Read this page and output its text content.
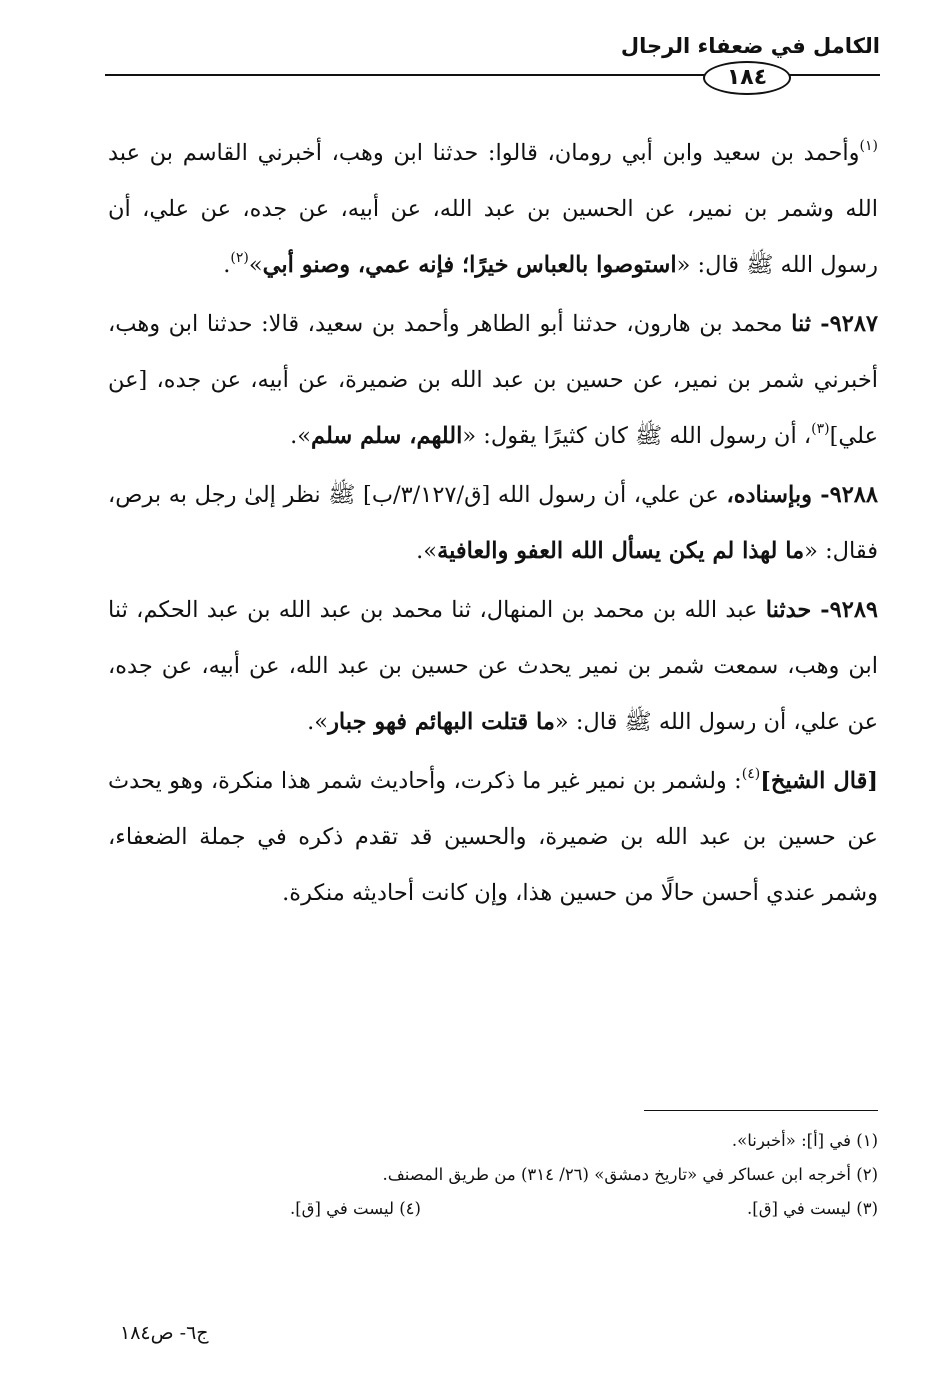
الكامل في ضعفاء الرجال
١٨٤

$^{(١)}$وأحمد بن سعيد وابن أبي رومان، قالوا: حدثنا ابن وهب، أخبرني القاسم بن عبد الله وشمر بن نمير، عن الحسين بن عبد الله، عن أبيه، عن جده، عن علي، أن رسول الله ﷺ قال: «استوصوا بالعباس خيرًا؛ فإنه عمي، وصنو أبي»$^{(٢)}$.

٩٢٨٧- ثنا محمد بن هارون، حدثنا أبو الطاهر وأحمد بن سعيد، قالا: حدثنا ابن وهب، أخبرني شمر بن نمير، عن حسين بن عبد الله بن ضميرة، عن أبيه، عن جده، [عن علي]$^{(٣)}$، أن رسول الله ﷺ كان كثيرًا يقول: «اللهم، سلم سلم».

٩٢٨٨- وبإسناده، عن علي، أن رسول الله [ق/٣/١٢٧/ب] ﷺ نظر إلىٰ رجل به برص، فقال: «ما لهذا لم يكن يسأل الله العفو والعافية».

٩٢٨٩- حدثنا عبد الله بن محمد بن المنهال، ثنا محمد بن عبد الله بن عبد الحكم، ثنا ابن وهب، سمعت شمر بن نمير يحدث عن حسين بن عبد الله، عن أبيه، عن جده، عن علي، أن رسول الله ﷺ قال: «ما قتلت البهائم فهو جبار».

[قال الشيخ]$^{(٤)}$: ولشمر بن نمير غير ما ذكرت، وأحاديث شمر هذا منكرة، وهو يحدث عن حسين بن عبد الله بن ضميرة، والحسين قد تقدم ذكره في جملة الضعفاء، وشمر عندي أحسن حالًا من حسين هذا، وإن كانت أحاديثه منكرة.

(١) في [أ]: «أخبرنا».
(٢) أخرجه ابن عساكر في «تاريخ دمشق» (٢٦/ ٣١٤) من طريق المصنف.
(٣) ليست في [ق].
(٤) ليست في [ق].
ج٦- ص١٨٤
